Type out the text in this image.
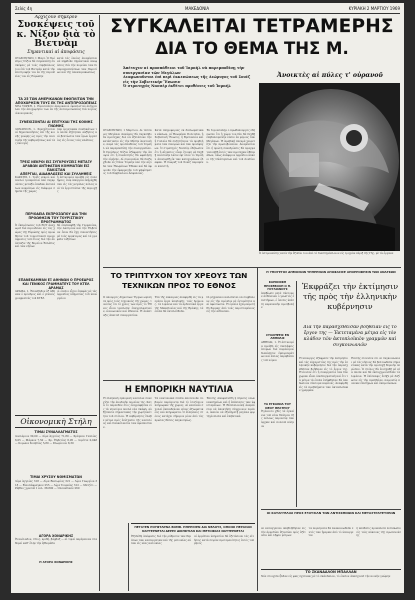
Σελίς 4η	ΜΑΚΕΔΟΝΙΑ	ΚΥΡΙΑΚΗ 2 ΜΑΡΤΙΟΥ 1969
Άρχίζουν σήμερον
Συσκέψεις τοῦ κ. Νίξον διὰ τὸ Βιετνὰμ
Σημαντικαὶ αἱ ἀποφάσεις
ΟΥΑΣΙΓΚΤΩΝ, 1 Μαρτ. Ὁ Πρόεδρος Νίξον θὰ συγκαλέσῃ συσκέψεις μὲ τοὺς συμβούλους του ἐπὶ τοῦ Βιετνὰμ κατὰ τὴν ἐπιστροφήν του ἐκ τῆς περιοδείας του εἰς Εὐρώπην
κατὰ τὰς ὁποίας ἀναμένεται νὰ ληφθοῦν σημαντικαὶ ἀποφάσεις διὰ τὴν πορείαν τῶν διαπραγματεύσεων τῶν Παρισίων καὶ τῆς ἀποκλιμακώσεως
ΤΑ 25 ΤΩΝ ΑΜΕΡΙΚΑΝΩΝ ΕΦΟΠΛΙΤΩΝ ΤΗΝ ΑΠΟΧΩΡΗΣΙΝ ΤΟΥΣ ΕΚ ΤΗΣ ΑΝΤΙΠΡΟΣΩΠΕΙΑΣ
ΝΕΑ ΥΟΡΚΗ, 1. Εἰκοσιπέντε ἀμερικανοὶ ἐφοπλισταὶ ἀνήγγειλαν τὴν ἀποχώρησίν των ἐκ τῆς ἀντιπροσωπείας διὰ λόγους οἰκονομικοὺς
ΣΥΝΕΧΙΖΟΝΤΑΙ ΑΙ ΕΠΙΤΥΧΙΑΙ ΤΗΣ ΚΟΙΝΗΣ ΓΝΩΜΗΣ
ΛΟΝΔΙΝΟΝ, 1. Συνεχίζονται αἱ δημοσκοπήσεις ἐπὶ τῆς κοινῆς γνώμης ὡς πρὸς τὴν πολιτικὴν τῆς κυβερνήσεως καὶ τὰς ἐκλογὰς
τῶν ἐργατικῶν συνδικάτων τὰ ὁποῖα ἐζήτησαν αὐξήσεις καὶ βελτίωσιν τῶν ὅρων ἐργασίας εἰς ὅλους τοὺς κλάδους
ΤΡΕΙΣ ΝΕΚΡΟΙ ΕΙΣ ΣΥΓΚΡΟΥΣΕΙΣ ΜΕΤΑΞΥ ΑΡΑΒΩΝ ΑΝΤΙΦΑΤΩΝ ΚΟΜΜΑΤΩΝ ΕΙΣ ΠΑΚΙΣΤΑΝ
ΑΠΕΡΓΙΑΙ, ΔΙΑΔΗΛΩΣΕΙΣ ΚΑΙ ΣΥΛΛΗΨΕΙΣ
ΚΑΡΑΤΣΙ, 1. Τρεῖς νεκροὶ καὶ πολλοὶ τραυματίαι ἀπὸ συγκρούσεις μεταξὺ ὀπαδῶν ἀντιπάλων κομμάτων εἰς διάφορα σημεῖα τῆς χώρας
ἡ ἀστυνομία προέβη εἰς συλλήψεις, ἐνῷ ἀπεργίαι ἐκηρύχθησαν εἰς τὰς μεγάλας πόλεις καὶ τὰ ἐργοστάσια τῆς περιοχῆς
ΠΕΡΙΟΔΕΙΑ ΕΚΠΡΟΣΩΠΟΥ ΔΙΑ ΤΗΝ ΠΡΟΩΘΗΣΙΝ ΤΟΥ ΤΟΥΡΙΣΤΙΚΟΥ ΠΡΟΓΡΑΜΜΑΤΟΣ
Ὁ ἐκπρόσωπος τοῦ ΕΟΤ ἀναχωρεῖ διὰ περιοδείαν εἰς τὰς χώρας τῆς Εὐρώπης πρὸς προώθησιν τοῦ τουριστικοῦ προγράμματος τοῦ ἔτους διὰ τὴν ἀνάπτυξιν τῆς Βορείου Ἑλλάδος καὶ τῶν νήσων
θὰ ἐπισκεφθῇ τὴν Γερμανίαν, τὴν Αὐστρίαν καὶ τὴν Ἑλβετίαν ὅπου θὰ ἔχῃ συναντήσεις μὲ τοὺς πρακτορας καὶ τὰ γραφεῖα ταξιδίων
ΕΠΑΝΕΚΑΜΨΑΝ ΕΞ ΑΘΗΝΩΝ Ο ΠΡΟΕΔΡΟΣ ΚΑΙ ΓΕΝΙΚΟΣ ΓΡΑΜΜΑΤΕΥΣ ΤΟΥ ΚΤΕΛ ΔΡΑΜΑΣ
ΔΡΑΜΑ, 1. Ἐπανῆλθον ἐξ Ἀθηνῶν ὁ πρόεδρος καὶ ὁ γενικὸς γραμματεὺς τοῦ ΚΤΕΛ
οἱ ὁποῖοι εἶχον ἐπαφὰς μὲ τὰς ἁρμοδίας ὑπηρεσίας τοῦ ὑπουργείου
Οἰκονομικὴ Στήλη
ΤΙΜΑΙ ΣΥΝΑΛΛΑΓΜΑΤΟΣ
Δολλάριον 30,00 — Λίρα Ἀγγλίας 71,80 — Φράγκον Γαλλίας 6,05 — Μάρκον 7,50 — Φρ. Ἑλβετίας 6,95 — Λιρέττα 0,048 — Κορώνα Σουηδίας 5,80 — Φλωρίνιον 8,30
ΤΙΜΑΙ ΧΡΥΣΟΥ ΝΟΜΙΣΜΑΤΩΝ
Λίρα Ἀγγλίας 318 — Λίρα Βικτωρίας 321 — Λίρα Γεωργίου 318 — Εἰκοσάφραγκον 255 — Λίρα Τουρκίας 312 — Μετζίτι — Ράβδος χρυσοῦ 1 κιλ. 38.800 — Ὁλλανδικὸν 260
ΑΓΟΡΑ ΧΟΝΔΡΙΚΗΣ
Ἐλαιόλαδον, σῖτος, κριθή, βάμβαξ — αἱ τιμαὶ παρέμειναν σταθεραὶ καθ' ὅλην τὴν ἑβδομάδα
Η ΑΓΟΡΑ ΧΟΝΔΡΙΚΗΣ
ΣΥΓΚΑΛΕΙΤΑΙ ΤΕΤΡΑΜΕΡΗΣ
ΔΙΑ ΤΟ ΘΕΜΑ ΤΗΣ Μ.
Ἀπέτυχεν αἱ προσπάθειαι τοῦ Ἰσραὴλ νὰ παρεμποδίσῃ τὴν συνεργασίαν τῶν Μεγάλων
Διαφωνοῦνται ἐπὶ περὶ ἐκκενώσεως τῆς Διώρυγος τοῦ Σουὲζ εἰς τὴν Σοβιετικὴν Ἕνωσιν
Ὁ στρατηγὸς Νασσὲρ ἐκθέτει προθέσεις τοῦ Ἰσραὴλ
Ἀνοικτὲς αἱ πύλες τ' οὐρανοῦ
Ὁ ἀστροναύτης κατὰ τὴν ἔξοδόν του ἀπὸ τὸ διαστημόπλοιον εἰς τροχιὰν πέριξ τῆς Γῆς, μὲ τὰ ὄργανα
ΟΥΑΣΙΓΚΤΩΝ, 1 Μαρτίου. Αἱ τέσσαρες Μεγάλαι Δυνάμεις θὰ συγκληθοῦν προσεχῶς διὰ νὰ ἐξετάσουν τὴν κατάστασιν εἰς τὴν Μέσην Ἀνατολὴν, παρὰ τὰς προσπαθείας τοῦ Ἰσραὴλ νὰ παρεμποδίσῃ τὴν συνεργασίαν. Ὁ Πρόεδρος Νίξον ἐξέφρασε τὴν ἄποψιν ὅτι ἡ συνάντησις θὰ ὠφελήσῃ τὴν εἰρήνην. Αἱ συνομιλίαι θὰ διεξαχθοῦν εἰς Νέαν Ὑόρκην ὑπὸ τὴν αἰγίδα τῶν Ἡνωμένων Ἐθνῶν καὶ θὰ ἀφοροῦν τὴν ἐφαρμογὴν τοῦ ψηφίσματος τοῦ Συμβουλίου Ἀσφαλείας.
Κατὰ πληροφορίας ἐκ διπλωματικῶν κύκλων, αἱ Ἡνωμέναι Πολιτεῖαι, ἡ Σοβιετικὴ Ἕνωσις, ἡ Βρεταννία καὶ ἡ Γαλλία θὰ συζητήσουν τὰ προβλήματα τῶν συνόρων καὶ τῶν προσφύγων. Ὁ στρατηγὸς Νασσὲρ ἐδήλωσεν ὅτι ἡ Αἴγυπτος εἶναι ἕτοιμη νὰ δεχθῇ πολιτικὴν λύσιν ἐφ' ὅσον τὸ Ἰσραὴλ ἀποσυρθῇ ἐκ τῶν κατεχομένων ἐδαφῶν. Ἡ διώρυξ τοῦ Σουὲζ παραμένει κλειστή.
Ἐν Ἱερουσαλὴμ ὁ πρωθυπουργὸς ἐδήλωσεν ὅτι ἡ χώρα του δὲν θὰ δεχθῇ ἐπιβαλλομένην λύσιν ἐκ μέρους τῶν Μεγάλων. Ἡ Ἀραβικὴ πλευρὰ χαιρετίζει τὴν πρωτοβουλίαν. Ἀναμένεται ὅτι ἡ πρώτη συνεδρίασις θὰ πραγματοποιηθῇ ἐντὸς τῶν προσεχῶν ἑβδομάδων, ὅπως ἀνέφερον ἁρμόδιοι κύκλοι τῆς Οὐάσιγκτων καὶ τοῦ Λονδίνου.
ΤΟ ΤΡΙΠΤΥΧΟΝ ΤΟΥ ΧΡΕΟΥΣ ΤΩΝ ΤΕΧΝΙΚΩΝ ΠΡΟΣ ΤΟ ΕΘΝΟΣ
Ὁ ὑπουργὸς Δημοσίων Ἔργων ὡμίλησε πρὸς τοὺς τεχνικοὺς τῆς χώρας, τονίσας ὅτι τὸ χρέος των πρὸς τὸ Ἔθνος εἶναι τριπλοῦν: ἐπαγγελματικόν, κοινωνικὸν καὶ ἐθνικόν. Ἡ ἀνάπτυξις ἀπαιτεῖ συνεργασίαν.
Ἐπὶ τῆς εὐκαιρίας ἀνεφέρθη εἰς τὰ μεγάλα ἔργα ὑποδομῆς, τοὺς δρόμους, τὰ λιμάνια καὶ τὰ ἀρδευτικὰ ἔργα τῆς Μακεδονίας καὶ τῆς Θράκης, τὰ ὁποῖα θὰ ἐκτελεσθοῦν.
Οἱ μηχανικοὶ καλοῦνται νὰ συμβάλουν εἰς τὴν πρόοδον μὲ ἐντιμότητα καὶ ἀφοσίωσιν. Ἡ ὁμιλία ἐχειροκροτήθη θερμῶς ἀπὸ τοὺς παρισταμένους εἰς τὴν αἴθουσαν.
Η ΕΜΠΟΡΙΚΗ ΝΑΥΤΙΛΙΑ
Ἡ ἑλληνικὴ ἐμπορικὴ ναυτιλία συνεχίζει τὴν ἀνοδικὴν πορείαν της. Κατὰ τὸ παρελθὸν ἔτος ἐνεγράφησαν εἰς τὰ νηολόγια πολλὰ νέα σκάφη, αὐξήσαντα σημαντικῶς τὴν χωρητικότητα τοῦ στόλου. Ἡ κυβέρνησις ἔλαβε μέτρα πρὸς ἐνίσχυσιν τῆς ναυτιλίας καὶ διευκόλυνσιν τῶν ἐφοπλιστῶν.
Τὰ ναυτιλιακὰ ἔσοδα ἀποτελοῦν σοβαρὸν παράγοντα διὰ τὸ ἰσοζύγιον πληρωμῶν τῆς χώρας. Αἱ ναυτικαὶ σχολαὶ ἐκπαιδεύουν νέους ἀξιωματικοὺς καὶ πληρώματα. Ὁ ἑλληνικὸς στόλος κατέχει σήμερον μίαν ἀπὸ τὰς πρώτας θέσεις παγκοσμίως.
Ἐπίσης ἀποφασίσθη ἡ ἵδρυσις νέων ναυπηγείων καὶ ἡ ἐπέκτασις τῶν ὑφισταμένων. Ἡ Θεσσαλονίκη ἀναμένεται νὰ ἀποκτήσῃ σύγχρονον λιμένα, ἱκανὸν νὰ ἐξυπηρετῇ μεγάλα φορτηγὰ πλοῖα καὶ ἐπιβατικά.
ΠΕΤΑΞΕΝ ΡΟΥΦΤΑΡΝΑ ΒΟΜΒ. ΠΗΡΕΣΣΕΝ ΔΙΑ ΝΕΑΟΥΣ, ΟΠΟΙΟΙ ΠΕΡΑΣΑΝ ΝΑΥΤΕΡΝΕΤΑΙ ΔΕΡΕΣ ΔΙΚΗΚΤΙΑΝ ΚΑΙ ΜΕΤΟΙΚΙΑΣ ΝΑΥΤΕΡΝΕΤΑΙ
Ἐξεδόθη ἀπόφασις διὰ τὴν ρύθμισιν τῶν θεμάτων τῶν ναυτεργατῶν καὶ τῆς μετοικίας αὐτῶν εἰς νέας κατοικίας
αἱ ἁρμόδιαι ὑπηρεσίαι θὰ ἐξετάσουν τὰς αἰτήσεις κατὰ σειρὰν προτεραιότητος ἐντὸς τοῦ μηνὸς
Η ΥΠΟΥΡΓΟΣ ΔΗΜΟΣΙΩΝ ΥΠΗΡΕΣΙΩΝ ΑΠΟΦΑΣΙΣΕ ΑΠΟΡΡΟΦΗΣΙΝ ΤΩΝ ΑΝΑΓΚΩΝ
ΚΑΡΚΙΝΙΚΗ ΠΡΟΣΕΒΟΛΗ Ο Π. ΓΟΥΛΙΑΝΟΥΣ
Ἀπεβίωσε μετὰ σύντομον ἀσθένειαν ὁ γνωστὸς ἐπιστήμων, ὁ ὁποῖος ὑπέστη καρκινικὴν προσβολήν
ΣΥΛΛΗΨΕΙΣ ΕΝ ΑΘΗΝΑΙΣ
ΑΘΗΝΑΙ, 1. Ἡ ἀστυνομία προέβη εἰς συλλήψεις ἀτόμων διὰ παράνομον διακίνησιν ἐμπορευμάτων καὶ ἄλλας παραβάσεις τοῦ νόμου
ΤΑ ΕΓΚΑΙΝΙΑ ΤΟΥ ΝΕΟΥ ΘΕΑΤΡΟΥ
Ἐγένοντο χθὲς τὰ ἐγκαίνια τοῦ νέου θεάτρου τῆς πόλεως παρουσίᾳ τῶν ἀρχῶν καὶ πολλοῦ κόσμου
Ἐκφράζει τὴν ἐκτίμησιν τῆς πρὸς τὴν ἑλληνικὴν κυβέρνησιν
Διὰ τὴν παρασχεθεῖσαν βοήθειαν εἰς τὸ ἔργον της — Ἐκτεταμένα μέτρα εἰς τὸν κλάδον τῶν ἀκτοπλοϊκῶν γραμμῶν καὶ συγκοινωνιῶν
Ἡ ὑπουργὸς ἐξέφρασε τὴν ἐκτίμησιν καὶ τὰς εὐχαριστίας της πρὸς τὴν ἑλληνικὴν κυβέρνησιν διὰ τὴν παρασχεθεῖσαν βοήθειαν εἰς τὸ ἔργον της. Ἐτόνισεν ὅτι ἡ συνεργασία τῶν δύο χωρῶν εἶναι ὑποδειγματικὴ καὶ ὅτι τὰ μέτρα τὰ ὁποῖα ἐλήφθησαν θὰ ἀποδώσουν σύντομα καρπούς. Ἀνεφέρθη εἰς τὰ προβλήματα τῶν ἀκτοπλοϊκῶν γραμμῶν.
Ἐπίσης ἐτόνισεν ὅτι αἱ συγκοινωνίαι μὲ τὰς νήσους θὰ βελτιωθοῦν σημαντικῶς κατὰ τὴν προσεχῆ θερινὴν περίοδον. Ὁ στόλος θὰ ἐνισχυθῇ μὲ νέα πλοῖα καὶ θὰ ἐκσυγχρονισθοῦν τὰ λιμάνια. Ἡ ἐπίσκεψις ἔληξε μὲ δεξίωσιν εἰς τὴν πρεσβείαν, παρουσίᾳ πολλῶν ἐπισήμων καὶ ἐκπροσώπων.
ΟΙ ΚΑΤΑΓΓΕΛΙΑΙ ΠΡΟΣ ΕΞΟΥΣΙΑΝ ΤΩΝ ΑΝΤΙΣΚΗΝΙΩΝ ΚΑΙ ΜΕΤΑΣΤΡΑΤΕΥΣΕΩΝ
Αἱ καταγγελίαι ὑπεβλήθησαν εἰς τὴν ἁρμοδίαν ἐξουσίαν πρὸς ἐξέτασιν καὶ λῆψιν μέτρων
τὰ πορίσματα θὰ ἀνακοινωθοῦν ἐντὸς τῶν ἡμερῶν ἀπὸ τὸ ὑπουργεῖον
ἡ ὑπόθεσις προκάλεσε ἐντύπωσιν εἰς τοὺς κύκλους τῆς πρωτευούσης
ΤΟ ΣΚΑΝΔΑΛΟΝ ΜΠΑΛΛΑΝ
Νέα στοιχεῖα ἦλθαν εἰς φῶς σχετικῶς μὲ τὸ σκάνδαλον, τὸ ὁποῖον ἀπασχολεῖ τὴν κοινὴν γνώμην
